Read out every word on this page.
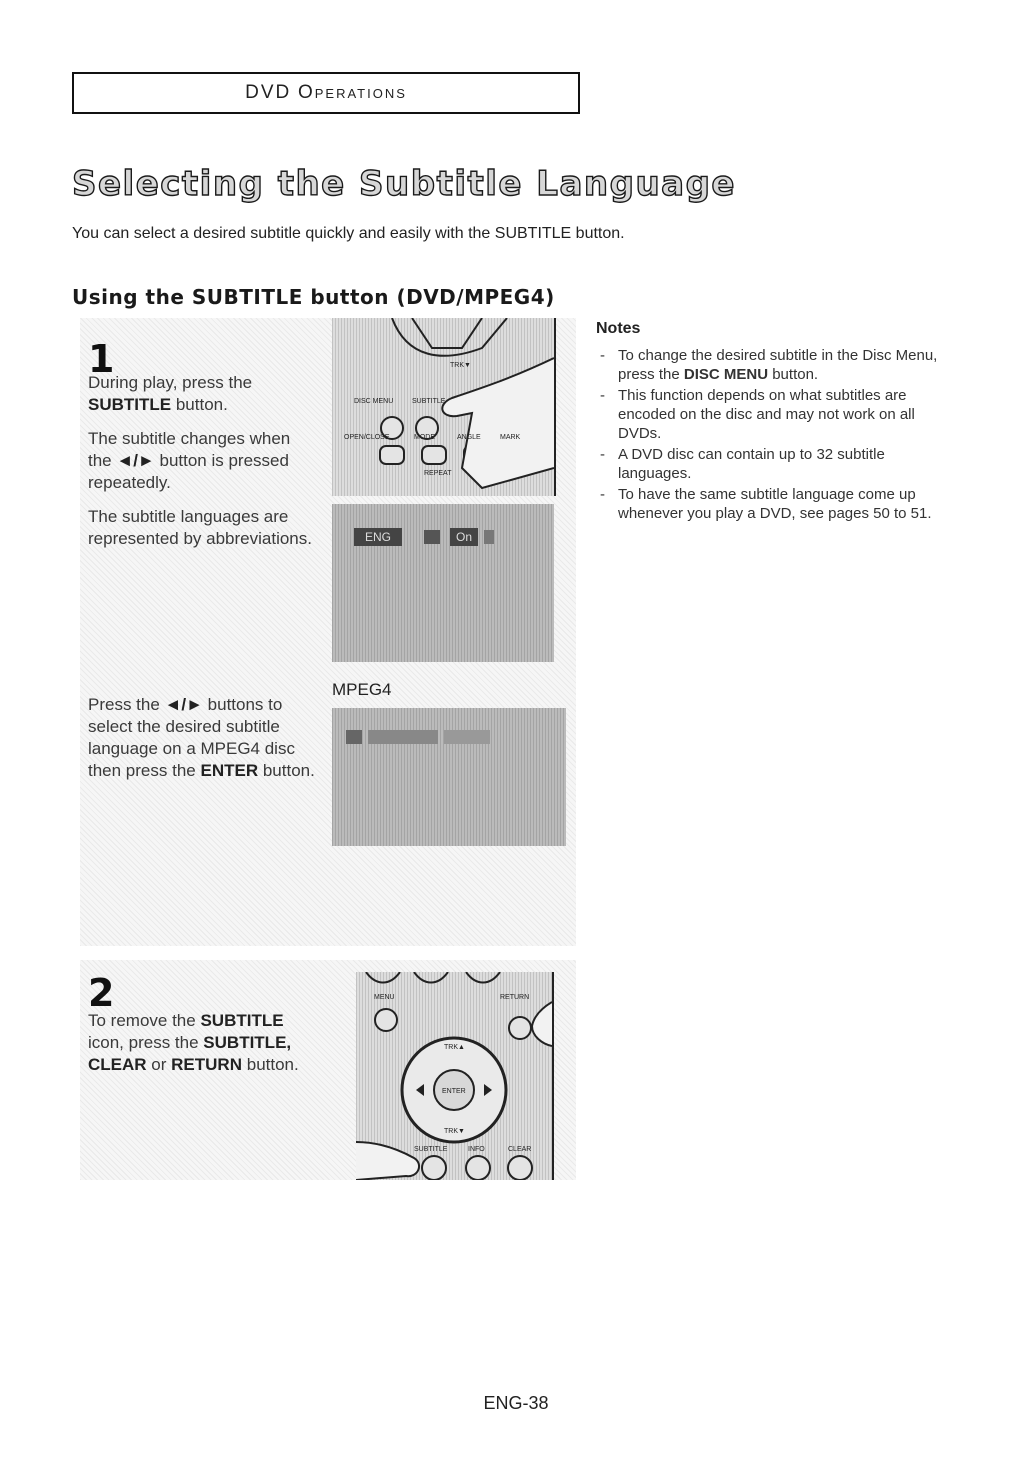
D V D
O PERATIONS
Selecting the Subtitle Language
You can select a desired subtitle quickly and easily with the SUBTITLE button.
Using the SUBTITLE button (DVD/MPEG4)
1
During play, press the
SUBTITLE button.
The subtitle changes when
the ◄/► button is pressed
repeatedly.
The subtitle languages are
represented by abbreviations.
DISC MENU	SUBTITLE
OPEN/CLOSE	MODE	ANGLE	MARK
REPEAT
TRK▼
ENG	On
MPEG4
Press the ◄/► buttons to
select the desired subtitle
language on a MPEG4 disc
then press the ENTER button.
2
To remove the SUBTITLE
icon, press the SUBTITLE,
CLEAR or RETURN button.
MENU	RETURN
TRK▲
ENTER
TRK▼
SUBTITLE	INFO	CLEAR
Notes
- To change the desired subtitle in the Disc Menu, press the DISC MENU button.
- This function depends on what subtitles are encoded on the disc and may not work on all DVDs.
- A DVD disc can contain up to 32 subtitle languages.
- To have the same subtitle language come up whenever you play a DVD, see pages 50 to 51.
ENG-38
